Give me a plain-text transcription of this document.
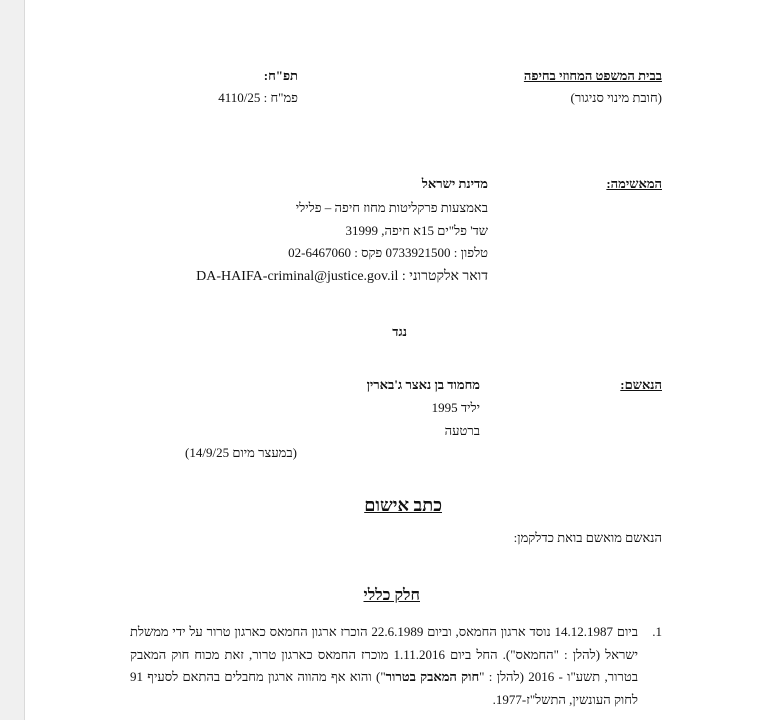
בבית המשפט המחוזי בחיפה
(חובת מינוי סניגור)
תפ"ח:
פמ"ח : 4110/25
המאשימה:
מדינת ישראל
באמצעות פרקליטות מחוז חיפה – פלילי
שד' פל"ים 15א חיפה, 31999
טלפון : 0733921500 פקס : 02-6467060
דואר אלקטרוני : DA-HAIFA-criminal@justice.gov.il
נגד
הנאשם:
מחמוד בן נאצר ג'בארין
יליד 1995
ברטעה
(במעצר מיום 14/9/25)
כתב אישום
הנאשם מואשם בואת כדלקמן:
חלק כללי
1.
ביום 14.12.1987 נוסד ארגון החמאס, וביום 22.6.1989 הוכרז ארגון החמאס כארגון טרור על ידי ממשלת ישראל (להלן : "החמאס"). החל ביום 1.11.2016 מוכרז החמאס כארגון טרור, זאת מכוח חוק המאבק בטרור, תשע"ו - 2016 (להלן : "חוק המאבק בטרור") והוא אף מהווה ארגון מחבלים בהתאם לסעיף 91 לחוק העונשין, התשל"ז-1977.
